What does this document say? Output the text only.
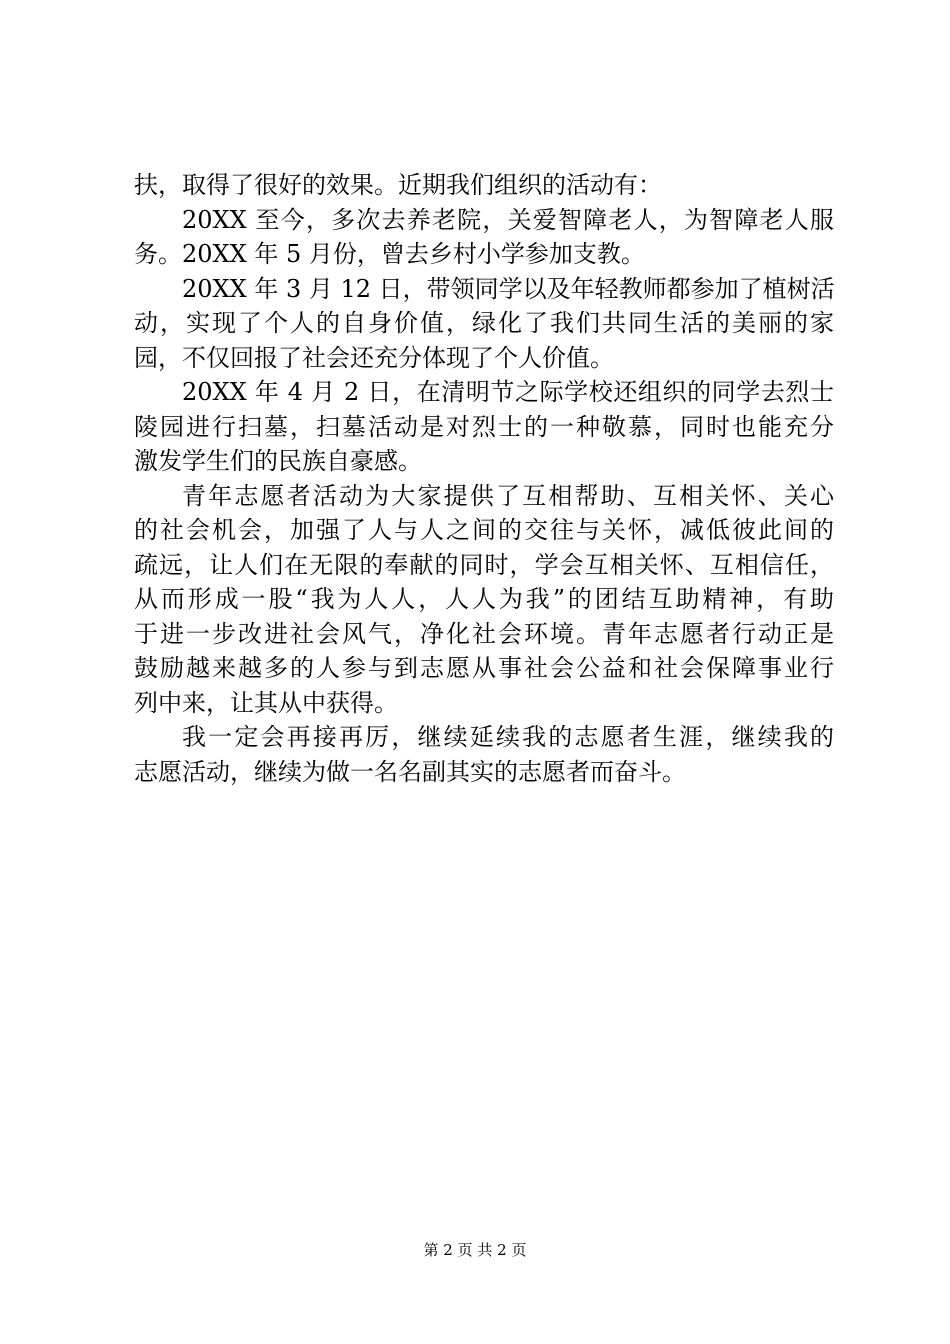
扶，取得了很好的效果。近期我们组织的活动有：
20XX 至今，多次去养老院，关爱智障老人，为智障老人服
务。20XX 年 5 月份，曾去乡村小学参加支教。
20XX 年 3 月 12 日，带领同学以及年轻教师都参加了植树活
动，实现了个人的自身价值，绿化了我们共同生活的美丽的家
园，不仅回报了社会还充分体现了个人价值。
20XX 年 4 月 2 日，在清明节之际学校还组织的同学去烈士
陵园进行扫墓，扫墓活动是对烈士的一种敬慕，同时也能充分
激发学生们的民族自豪感。
青年志愿者活动为大家提供了互相帮助、互相关怀、关心
的社会机会，加强了人与人之间的交往与关怀，减低彼此间的
疏远，让人们在无限的奉献的同时，学会互相关怀、互相信任，
从而形成一股“我为人人，人人为我”的团结互助精神，有助
于进一步改进社会风气，净化社会环境。青年志愿者行动正是
鼓励越来越多的人参与到志愿从事社会公益和社会保障事业行
列中来，让其从中获得。
我一定会再接再厉，继续延续我的志愿者生涯，继续我的
志愿活动，继续为做一名名副其实的志愿者而奋斗。
第 2 页 共 2 页
